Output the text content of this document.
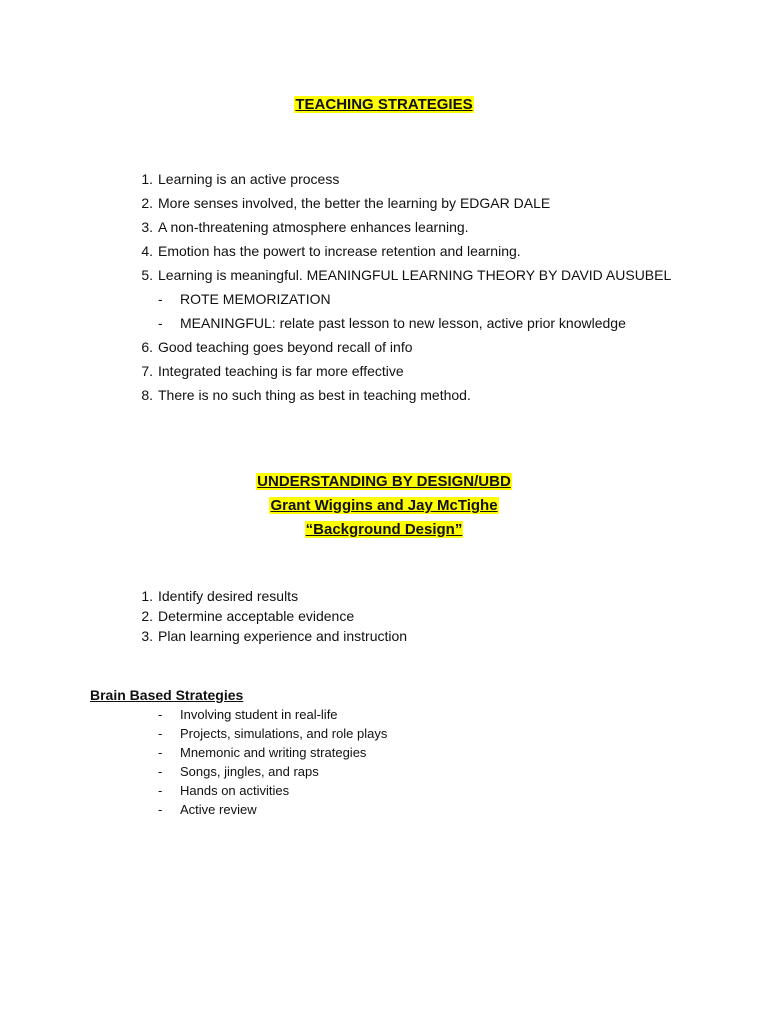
TEACHING STRATEGIES
1. Learning is an active process
2. More senses involved, the better the learning by EDGAR DALE
3. A non-threatening atmosphere enhances learning.
4. Emotion has the powert to increase retention and learning.
5. Learning is meaningful. MEANINGFUL LEARNING THEORY BY DAVID AUSUBEL
- ROTE MEMORIZATION
- MEANINGFUL: relate past lesson to new lesson, active prior knowledge
6. Good teaching goes beyond recall of info
7. Integrated teaching is far more effective
8. There is no such thing as best in teaching method.
UNDERSTANDING BY DESIGN/UBD
Grant Wiggins and Jay McTighe
“Background Design”
1. Identify desired results
2. Determine acceptable evidence
3. Plan learning experience and instruction
Brain Based Strategies
- Involving student in real-life
- Projects, simulations, and role plays
- Mnemonic and writing strategies
- Songs, jingles, and raps
- Hands on activities
- Active review
